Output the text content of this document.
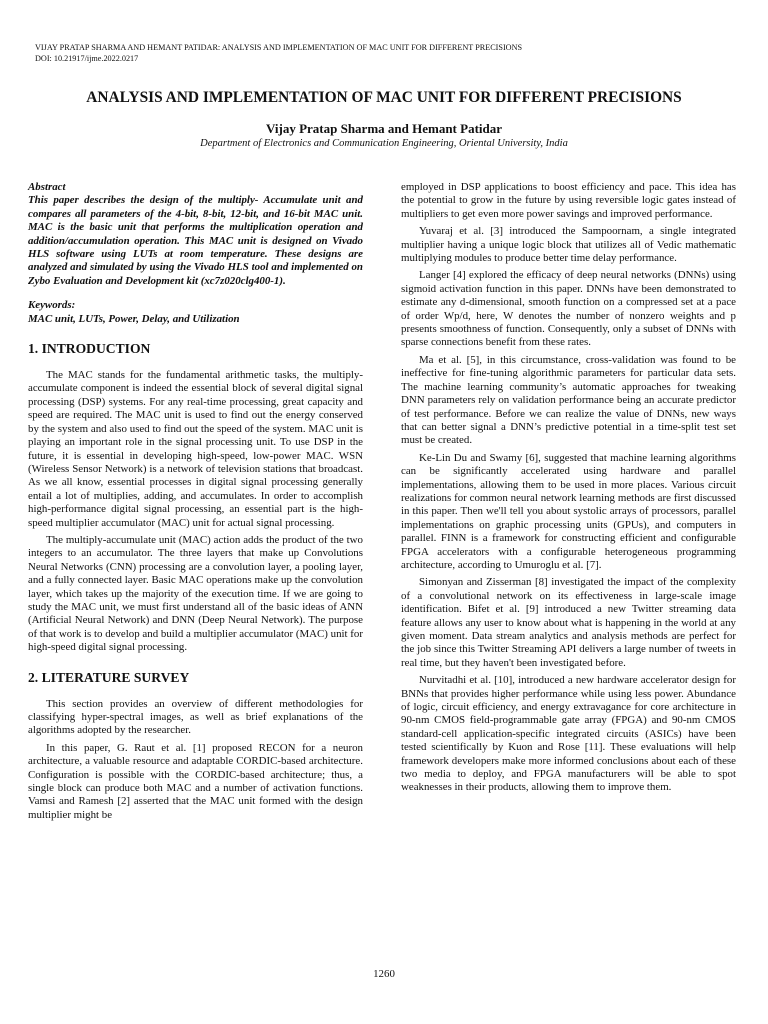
VIJAY PRATAP SHARMA AND HEMANT PATIDAR: ANALYSIS AND IMPLEMENTATION OF MAC UNIT FOR DIFFERENT PRECISIONS
DOI: 10.21917/ijme.2022.0217
ANALYSIS AND IMPLEMENTATION OF MAC UNIT FOR DIFFERENT PRECISIONS
Vijay Pratap Sharma and Hemant Patidar
Department of Electronics and Communication Engineering, Oriental University, India

Abstract

This paper describes the design of the multiply- Accumulate unit and compares all parameters of the 4-bit, 8-bit, 12-bit, and 16-bit MAC unit. MAC is the basic unit that performs the multiplication operation and addition/accumulation operation. This MAC unit is designed on Vivado HLS software using LUTs at room temperature. These designs are analyzed and simulated by using the Vivado HLS tool and implemented on Zybo Evaluation and Development kit (xc7z020clg400-1).

Keywords:

MAC unit, LUTs, Power, Delay, and Utilization

1. INTRODUCTION

The MAC stands for the fundamental arithmetic tasks, the multiply-accumulate component is indeed the essential block of several digital signal processing (DSP) systems. For any real-time processing, great capacity and speed are required. The MAC unit is used to find out the energy conserved by the system and also used to find out the speed of the system. MAC unit is playing an important role in the signal processing unit. To use DSP in the future, it is essential in developing high-speed, low-power MAC. WSN (Wireless Sensor Network) is a network of television stations that broadcast. As we all know, essential processes in digital signal processing generally entail a lot of multiplies, adding, and accumulates. In order to accomplish high-performance digital signal processing, an essential part is the high-speed multiplier accumulator (MAC) unit for actual signal processing.

The multiply-accumulate unit (MAC) action adds the product of the two integers to an accumulator. The three layers that make up Convolutions Neural Networks (CNN) processing are a convolution layer, a pooling layer, and a fully connected layer. Basic MAC operations make up the convolution layer, which takes up the majority of the execution time. If we are going to study the MAC unit, we must first understand all of the basic ideas of ANN (Artificial Neural Network) and DNN (Deep Neural Network). The purpose of that work is to develop and build a multiplier accumulator (MAC) unit for high-speed digital signal processing.

2. LITERATURE SURVEY

This section provides an overview of different methodologies for classifying hyper-spectral images, as well as brief explanations of the algorithms adopted by the researcher.

In this paper, G. Raut et al. [1] proposed RECON for a neuron architecture, a valuable resource and adaptable CORDIC-based architecture. Configuration is possible with the CORDIC-based architecture; thus, a single block can produce both MAC and a number of activation functions. Vamsi and Ramesh [2] asserted that the MAC unit formed with the design multiplier might be

employed in DSP applications to boost efficiency and pace. This idea has the potential to grow in the future by using reversible logic gates instead of multipliers to get even more power savings and improved performance.

Yuvaraj et al. [3] introduced the Sampoornam, a single integrated multiplier having a unique logic block that utilizes all of Vedic mathematic multiplying modules to produce better time delay performance.

Langer [4] explored the efficacy of deep neural networks (DNNs) using sigmoid activation function in this paper. DNNs have been demonstrated to estimate any d-dimensional, smooth function on a compressed set at a pace of order Wp/d, here, W denotes the number of nonzero weights and p presents smoothness of function. Consequently, only a subset of DNNs with sparse connections benefit from these rates.

Ma et al. [5], in this circumstance, cross-validation was found to be ineffective for fine-tuning algorithmic parameters for particular data sets. The machine learning community’s automatic approaches for tweaking DNN parameters rely on validation performance being an accurate predictor of test performance. Before we can realize the value of DNNs, new ways that can better signal a DNN’s predictive potential in a time-split test set must be created.

Ke-Lin Du and Swamy [6], suggested that machine learning algorithms can be significantly accelerated using hardware and parallel implementations, allowing them to be used in more places. Various circuit realizations for common neural network learning methods are first discussed in this paper. Then we'll tell you about systolic arrays of processors, parallel implementations on graphic processing units (GPUs), and computers in parallel. FINN is a framework for constructing efficient and configurable FPGA accelerators with a configurable heterogeneous programming architecture, according to Umuroglu et al. [7].

Simonyan and Zisserman [8] investigated the impact of the complexity of a convolutional network on its effectiveness in large-scale image identification. Bifet et al. [9] introduced a new Twitter streaming data feature allows any user to know about what is happening in the world at any given moment. Data stream analytics and analysis methods are perfect for the job since this Twitter Streaming API delivers a large number of tweets in real time, but they haven't been investigated before.

Nurvitadhi et al. [10], introduced a new hardware accelerator design for BNNs that provides higher performance while using less power. Abundance of logic, circuit efficiency, and energy extravagance for core architecture in 90-nm CMOS field-programmable gate array (FPGA) and 90-nm CMOS standard-cell application-specific integrated circuits (ASICs) have been tested scientifically by Kuon and Rose [11]. These evaluations will help framework developers make more informed conclusions about each of these two media to deploy, and FPGA manufacturers will be able to spot weaknesses in their products, allowing them to improve them.

1260
